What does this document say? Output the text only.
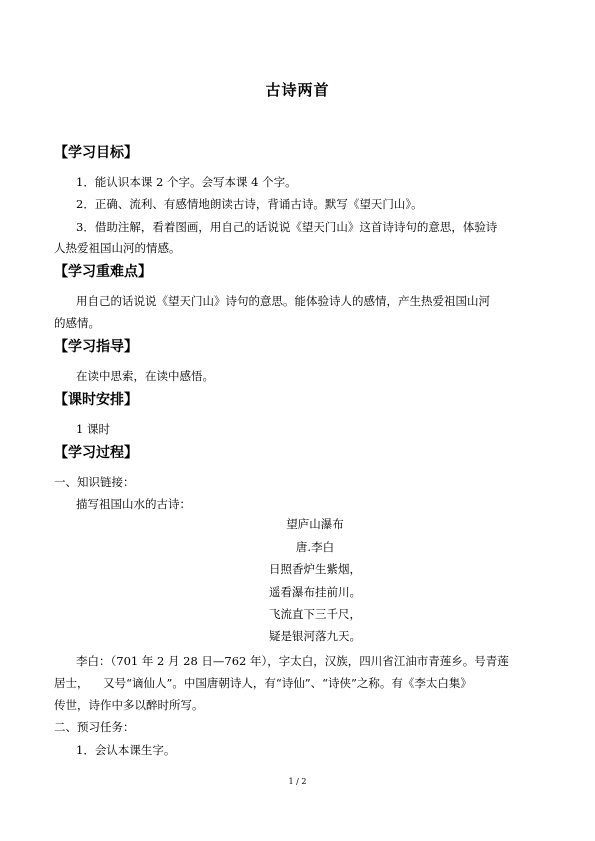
古诗两首
【学习目标】
1．能认识本课 2 个字。会写本课 4 个字。
2．正确、流利、有感情地朗读古诗，背诵古诗。默写《望天门山》。
3．借助注解，看着图画，用自己的话说说《望天门山》这首诗诗句的意思，体验诗
人热爱祖国山河的情感。
【学习重难点】
用自己的话说说《望天门山》诗句的意思。能体验诗人的感情，产生热爱祖国山河
的感情。
【学习指导】
在读中思索，在读中感悟。
【课时安排】
1 课时
【学习过程】
一、知识链接：
描写祖国山水的古诗：
望庐山瀑布
唐.李白
日照香炉生紫烟，
遥看瀑布挂前川。
飞流直下三千尺，
疑是银河落九天。
李白：（701 年 2 月 28 日—762 年），字太白，汉族，四川省江油市青莲乡。号青莲
居士，    又号“谪仙人”。中国唐朝诗人，有“诗仙”、“诗侠”之称。有《李太白集》
传世，诗作中多以醉时所写。
二、预习任务：
1．会认本课生字。
1 / 2
